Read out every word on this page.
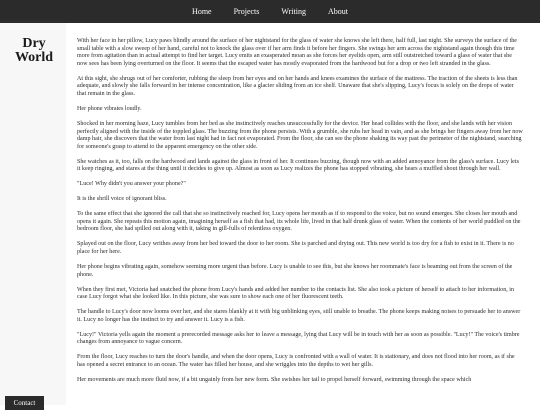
Home	Projects	Writing	About
Dry
World
Contact

With her face in her pillow, Lucy paws blindly around the surface of her nightstand for the glass of water she knows she left there, half full, last night. She surveys the surface of the small table with a slow sweep of her hand, careful not to knock the glass over if her arm finds it before her fingers. She swings her arm across the nightstand again though this time more from agitation than in actual attempt to find her target. Lucy emits an exasperated moan as she forces her eyelids open, arm still outstretched toward a glass of water that she now sees has been lying overturned on the floor. It seems that the escaped water has mostly evaporated from the hardwood but for a drop or two left stranded in the glass.

At this sight, she shrugs out of her comforter, rubbing the sleep from her eyes and on her hands and knees examines the surface of the mattress. The traction of the sheets is less than adequate, and slowly she falls forward in her intense concentration, like a glacier sliding from an ice shelf. Unaware that she's slipping, Lucy's focus is solely on the drops of water that remain in the glass.

Her phone vibrates loudly.

Shocked in her morning haze, Lucy tumbles from her bed as she instinctively reaches unsuccessfully for the device. Her head collides with the floor, and she lands with her vision perfectly aligned with the inside of the toppled glass. The buzzing from the phone persists. With a grumble, she rubs her head in vain, and as she brings her fingers away from her now damp hair, she discovers that the water from last night had in fact not evaporated. From the floor, she can see the phone shaking its way past the perimeter of the nightstand, searching for someone's grasp to attend to the apparent emergency on the other side.

She watches as it, too, falls on the hardwood and lands against the glass in front of her. It continues buzzing, though now with an added annoyance from the glass's surface. Lucy lets it keep ringing, and stares at the thing until it decides to give up. Almost as soon as Lucy realizes the phone has stopped vibrating, she hears a muffled shout through her wall.

"Luce! Why didn't you answer your phone?"

It is the shrill voice of ignorant bliss.

To the same effect that she ignored the call that she so instinctively reached for, Lucy opens her mouth as if to respond to the voice, but no sound emerges. She closes her mouth and opens it again. She repeats this motion again, imagining herself as a fish that had, its whole life, lived in that half drunk glass of water. When the contents of her world puddled on the bedroom floor, she had spilled out along with it, taking in gill-fulls of relentless oxygen.

Splayed out on the floor, Lucy writhes away from her bed toward the door to her room. She is parched and drying out. This new world is too dry for a fish to exist in it. There is no place for her here.

Her phone begins vibrating again, somehow seeming more urgent than before. Lucy is unable to see this, but she knows her roommate's face is beaming out from the screen of the phone.

When they first met, Victoria had snatched the phone from Lucy's hands and added her number to the contacts list. She also took a picture of herself to attach to her information, in case Lucy forgot what she looked like. In this picture, she was sure to show each one of her fluorescent teeth.

The handle to Lucy's door now looms over her, and she stares blankly at it with big unblinking eyes, still unable to breathe. The phone keeps making noises to persuade her to answer it. Lucy no longer has the instinct to try and answer it. Lucy is a fish.

"Lucy!" Victoria yells again the moment a prerecorded message asks her to leave a message, lying that Lucy will be in touch with her as soon as possible. "Lucy!" The voice's timbre changes from annoyance to vague concern.

From the floor, Lucy reaches to turn the door's handle, and when the door opens, Lucy is confronted with a wall of water. It is stationary, and does not flood into her room, as if she has opened a secret entrance to an ocean. The water has filled her house, and she wriggles into the depths to wet her gills.

Her movements are much more fluid now, if a bit ungainly from her new form. She swishes her tail to propel herself forward, swimming through the space which
